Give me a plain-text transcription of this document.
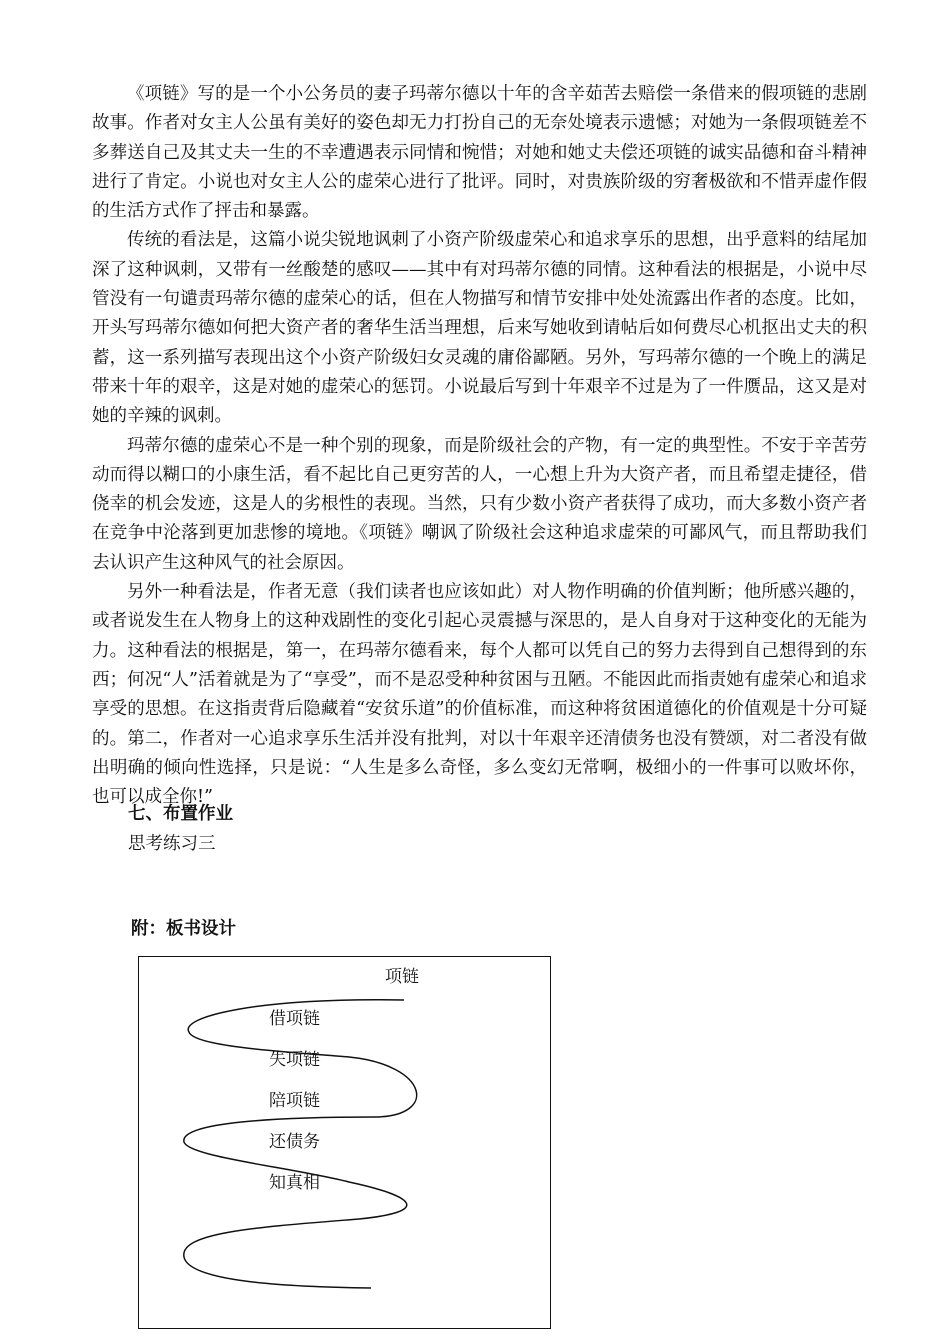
《项链》写的是一个小公务员的妻子玛蒂尔德以十年的含辛茹苦去赔偿一条借来的假项链的悲剧故事。作者对女主人公虽有美好的姿色却无力打扮自己的无奈处境表示遗憾；对她为一条假项链差不多葬送自己及其丈夫一生的不幸遭遇表示同情和惋惜；对她和她丈夫偿还项链的诚实品德和奋斗精神进行了肯定。小说也对女主人公的虚荣心进行了批评。同时，对贵族阶级的穷奢极欲和不惜弄虚作假的生活方式作了抨击和暴露。

传统的看法是，这篇小说尖锐地讽刺了小资产阶级虚荣心和追求享乐的思想，出乎意料的结尾加深了这种讽刺，又带有一丝酸楚的感叹——其中有对玛蒂尔德的同情。这种看法的根据是，小说中尽管没有一句谴责玛蒂尔德的虚荣心的话，但在人物描写和情节安排中处处流露出作者的态度。比如，开头写玛蒂尔德如何把大资产者的奢华生活当理想，后来写她收到请帖后如何费尽心机抠出丈夫的积蓄，这一系列描写表现出这个小资产阶级妇女灵魂的庸俗鄙陋。另外，写玛蒂尔德的一个晚上的满足带来十年的艰辛，这是对她的虚荣心的惩罚。小说最后写到十年艰辛不过是为了一件赝品，这又是对她的辛辣的讽刺。

玛蒂尔德的虚荣心不是一种个别的现象，而是阶级社会的产物，有一定的典型性。不安于辛苦劳动而得以糊口的小康生活，看不起比自己更穷苦的人，一心想上升为大资产者，而且希望走捷径，借侥幸的机会发迹，这是人的劣根性的表现。当然，只有少数小资产者获得了成功，而大多数小资产者在竞争中沦落到更加悲惨的境地。《项链》嘲讽了阶级社会这种追求虚荣的可鄙风气，而且帮助我们去认识产生这种风气的社会原因。

另外一种看法是，作者无意（我们读者也应该如此）对人物作明确的价值判断；他所感兴趣的，或者说发生在人物身上的这种戏剧性的变化引起心灵震撼与深思的，是人自身对于这种变化的无能为力。这种看法的根据是，第一，在玛蒂尔德看来，每个人都可以凭自己的努力去得到自己想得到的东西；何况“人”活着就是为了“享受”，而不是忍受种种贫困与丑陋。不能因此而指责她有虚荣心和追求享受的思想。在这指责背后隐藏着“安贫乐道”的价值标准，而这种将贫困道德化的价值观是十分可疑的。第二，作者对一心追求享乐生活并没有批判，对以十年艰辛还清债务也没有赞颂，对二者没有做出明确的倾向性选择，只是说：“人生是多么奇怪，多么变幻无常啊，极细小的一件事可以败坏你，也可以成全你!”

七、布置作业
思考练习三
附：板书设计
项链
借项链
失项链
陪项链
还债务
知真相
